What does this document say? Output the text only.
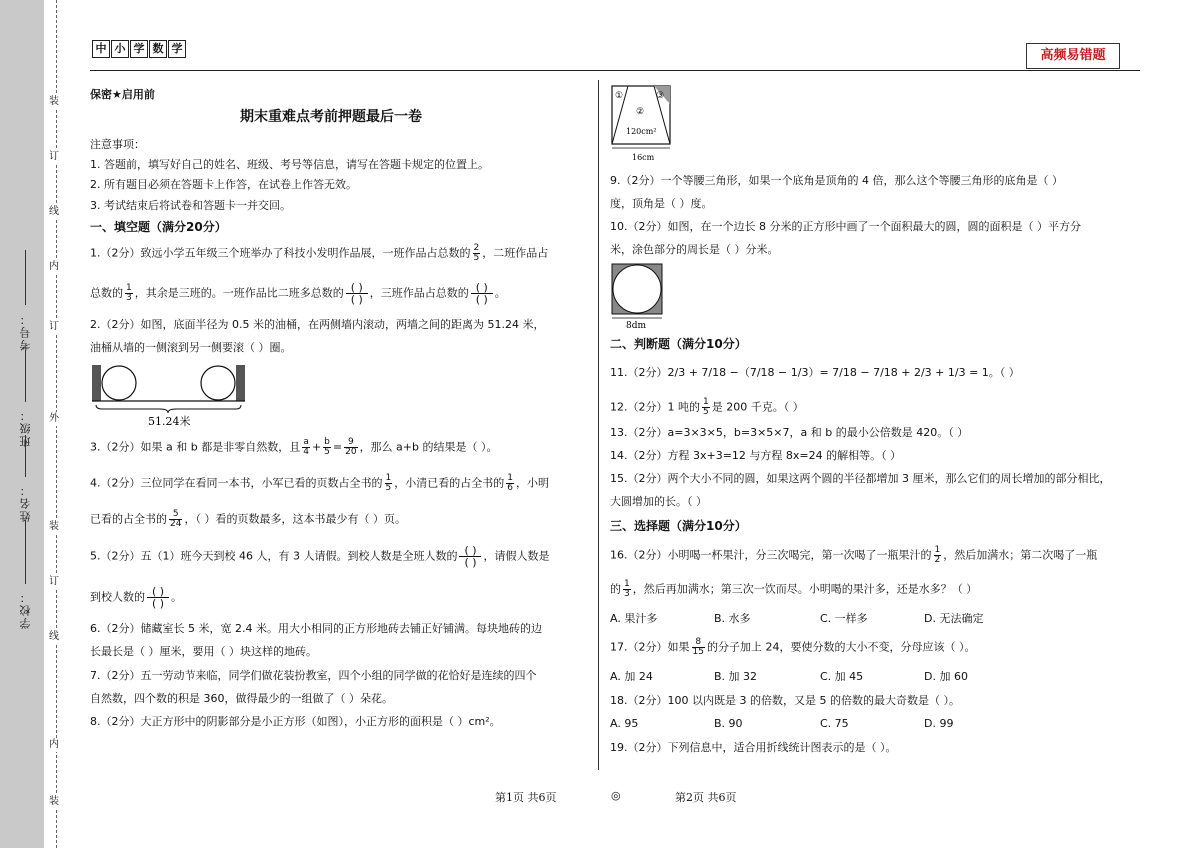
装
订
线
内
订
外
装
订
线
内
装
考号：
班级：
姓名：
学校：
中 小 学 数 学	高频易错题
保密★启用前
期末重难点考前押题最后一卷
注意事项：
1. 答题前，填写好自己的姓名、班级、考号等信息，请写在答题卡规定的位置上。
2. 所有题目必须在答题卡上作答，在试卷上作答无效。
3. 考试结束后将试卷和答题卡一并交回。
一、填空题（满分20分）
1.（2分）致远小学五年级三个班举办了科技小发明作品展，一班作品占总数的 $\frac{2}{5}$ ，二班作品占
总数的 $\frac{1}{3}$ ，其余是三班的。一班作品比二班多总数的 ( )
( ) ，三班作品占总数的 ( )
( ) 。
2.（2分）如图，底面半径为 0.5 米的油桶，在两侧墙内滚动，两墙之间的距离为 51.24 米，
油桶从墙的一侧滚到另一侧要滚（ ）圈。
51.24米
3.（2分）如果 a 和 b 都是非零自然数，且 $\frac{a}{4} + \frac{b}{5} = \frac{9}{20}$ ，那么 a+b 的结果是（ ）。
4.（2分）三位同学在看同一本书，小军已看的页数占全书的 $\frac{1}{5}$ ，小清已看的占全书的 $\frac{1}{6}$ ，小明
已看的占全书的 $\frac{5}{24}$ ，（ ）看的页数最多，这本书最少有（ ）页。
5.（2分）五（1）班今天到校 46 人，有 3 人请假。到校人数是全班人数的 ( )
( ) ，请假人数是
到校人数的 ( )
( ) 。
6.（2分）储藏室长 5 米，宽 2.4 米。用大小相同的正方形地砖去铺正好铺满。每块地砖的边
长最长是（ ）厘米，要用（ ）块这样的地砖。
7.（2分）五一劳动节来临，同学们做花装扮教室，四个小组的同学做的花恰好是连续的四个
自然数，四个数的积是 360，做得最少的一组做了（ ）朵花。
8.（2分）大正方形中的阴影部分是小正方形（如图），小正方形的面积是（ ）cm²。
①	③
②
120cm²
16cm
9.（2分）一个等腰三角形，如果一个底角是顶角的 4 倍，那么这个等腰三角形的底角是（ ）
度，顶角是（ ）度。
10.（2分）如图，在一个边长 8 分米的正方形中画了一个面积最大的圆，圆的面积是（ ）平方分
米，涂色部分的周长是（ ）分米。
8dm
二、判断题（满分10分）
11.（2分）2/3 + 7/18 −（7/18 − 1/3）= 7/18 − 7/18 + 2/3 + 1/3 = 1。（ ）
12.（2分）1 吨的 $\frac{1}{5}$ 是 200 千克。（ ）
13.（2分）a=3×3×5，b=3×5×7，a 和 b 的最小公倍数是 420。（ ）
14.（2分）方程 3x+3=12 与方程 8x=24 的解相等。（ ）
15.（2分）两个大小不同的圆，如果这两个圆的半径都增加 3 厘米，那么它们的周长增加的部分相比，
大圆增加的长。（ ）
三、选择题（满分10分）
16.（2分）小明喝一杯果汁，分三次喝完，第一次喝了一瓶果汁的 $\frac{1}{2}$ ，然后加满水；第二次喝了一瓶
的 $\frac{1}{3}$ ，然后再加满水；第三次一饮而尽。小明喝的果汁多，还是水多？（ ）
A. 果汁多	B. 水多	C. 一样多	D. 无法确定
17.（2分）如果 $\frac{8}{15}$ 的分子加上 24，要使分数的大小不变，分母应该（ ）。
A. 加 24	B. 加 32	C. 加 45	D. 加 60
18.（2分）100 以内既是 3 的倍数，又是 5 的倍数的最大奇数是（ ）。
A. 95	B. 90	C. 75	D. 99
19.（2分）下列信息中，适合用折线统计图表示的是（ ）。
第1页 共6页	◎	第2页 共6页
